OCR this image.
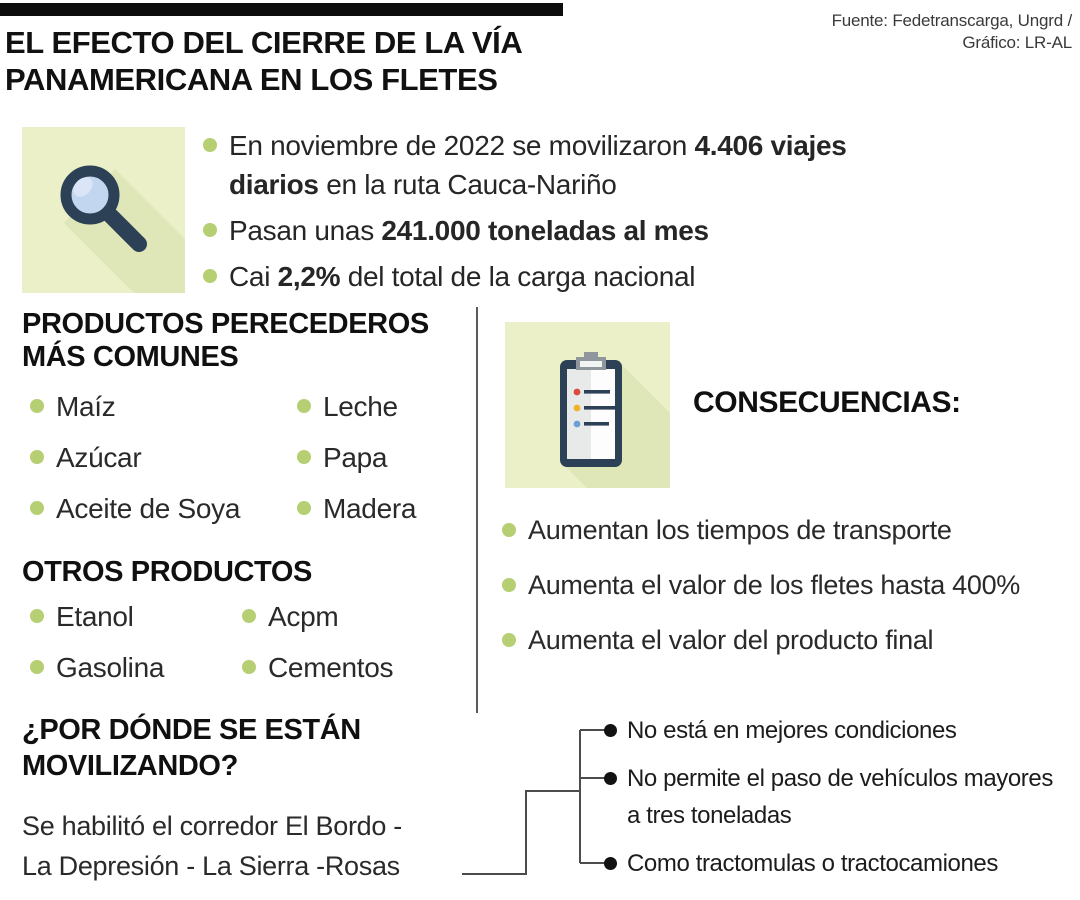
Fuente: Fedetranscarga, Ungrd /
Gráfico: LR-AL
EL EFECTO DEL CIERRE DE LA VÍA
PANAMERICANA EN LOS FLETES
En noviembre de 2022 se movilizaron 4.406 viajes diarios en la ruta Cauca-Nariño
Pasan unas 241.000 toneladas al mes
Cai 2,2% del total de la carga nacional
PRODUCTOS PERECEDEROS
MÁS COMUNES
Maíz
Azúcar
Aceite de Soya
Leche
Papa
Madera
OTROS PRODUCTOS
Etanol
Gasolina
Acpm
Cementos
CONSECUENCIAS:
Aumentan los tiempos de transporte
Aumenta el valor de los fletes hasta 400%
Aumenta el valor del producto final
¿POR DÓNDE SE ESTÁN
MOVILIZANDO?
Se habilitó el corredor El Bordo -
La Depresión - La Sierra -Rosas
No está en mejores condiciones
No permite el paso de vehículos mayores a tres toneladas
Como tractomulas o tractocamiones
